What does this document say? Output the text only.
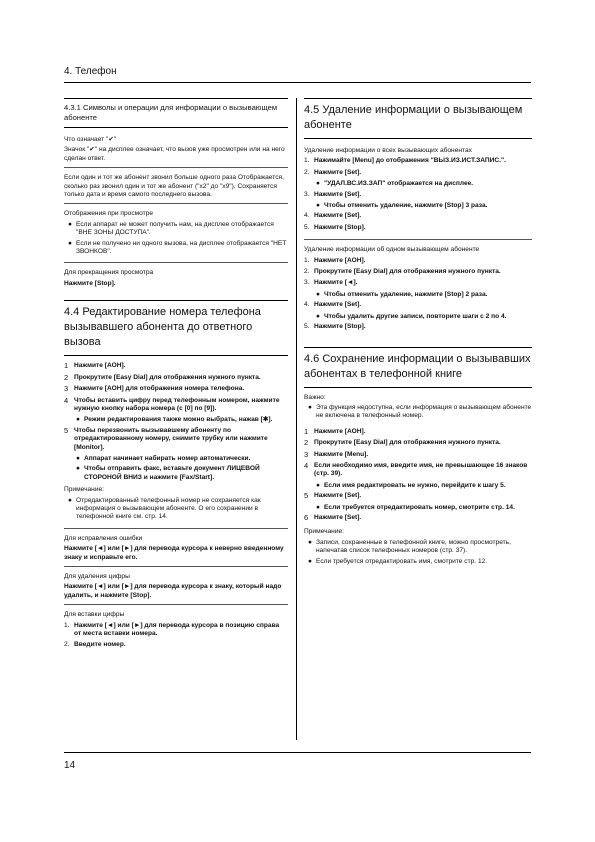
4. Телефон
4.3.1 Символы и операции для информации о вызывающем абоненте
Что означает "✔"
Значок "✔" на дисплее означает, что вызов уже просмотрен или на него сделан ответ.
Если один и тот же абонент звонил больше одного раза Отображается, сколько раз звонил один и тот же абонент ("х2" до "х9"). Сохраняется только дата и время самого последнего вызова.
Отображения при просмотре
● Если аппарат не может получить нам, на дисплее отображается "ВНЕ ЗОНЫ ДОСТУПА".
● Если не получено ни одного вызова, на дисплее отображается "НЕТ ЗВОНКОВ".
Для прекращения просмотра
Нажмите [Stop].
4.4 Редактирование номера телефона вызывавшего абонента до ответного вызова
1 Нажмите [АОН].
2 Прокрутите [Easy Dial] для отображения нужного пункта.
3 Нажмите [АОН] для отображения номера телефона.
4 Чтобы вставить цифру перед телефонным номером, нажмите нужную кнопку набора номера (с [0] по [9]).
● Режим редактирования также можно выбрать, нажав [✱].
5 Чтобы перезвонить вызывавшему абоненту по отредактированному номеру, снимите трубку или нажмите [Monitor].
● Аппарат начинает набирать номер автоматически.
● Чтобы отправить факс, вставьте документ ЛИЦЕВОЙ СТОРОНОЙ ВНИЗ и нажмите [Fax/Start].
Примечание:
● Отредактированный телефонный номер не сохраняется как информация о вызывающем абоненте. О его сохранении в телефонной книге см. стр. 14.
Для исправления ошибки
Нажмите [◄] или [►] для перевода курсора к неверно введенному знаку и исправьте его.
Для удаления цифры
Нажмите [◄] или [►] для перевода курсора к знаку, который надо удалить, и нажмите [Stop].
Для вставки цифры
1. Нажмите [◄] или [►] для перевода курсора в позицию справа от места вставки номера.
2. Введите номер.
4.5 Удаление информации о вызывающем абоненте
Удаление информации о всех вызывающих абонентах
1. Нажимайте [Menu] до отображения "ВЫЗ.ИЗ.ИСТ.ЗАПИС.".
2. Нажмите [Set].
● "УДАЛ.ВС.ИЗ.ЗАП" отображается на дисплее.
3. Нажмите [Set].
● Чтобы отменить удаление, нажмите [Stop] 3 раза.
4. Нажмите [Set].
5. Нажмите [Stop].
Удаление информации об одном вызывающем абоненте
1. Нажмите [АОН].
2. Прокрутите [Easy Dial] для отображения нужного пункта.
3. Нажмите [◄].
● Чтобы отменить удаление, нажмите [Stop] 2 раза.
4. Нажмите [Set].
● Чтобы удалить другие записи, повторите шаги с 2 по 4.
5. Нажмите [Stop].
4.6 Сохранение информации о вызывавших абонентах в телефонной книге
Важно:
● Эта функция недоступна, если информация о вызывающем абоненте не включена в телефонный номер.
1 Нажмите [АОН].
2 Прокрутите [Easy Dial] для отображения нужного пункта.
3 Нажмите [Menu].
4 Если необходимо имя, введите имя, не превышающее 16 знаков (стр. 39).
● Если имя редактировать не нужно, перейдите к шагу 5.
5 Нажмите [Set].
● Если требуется отредактировать номер, смотрите стр. 14.
6 Нажмите [Set].
Примечание:
● Записи, сохраненные в телефонной книге, можно просмотреть, напечатав список телефонных номеров (стр. 37).
● Если требуется отредактировать имя, смотрите стр. 12.
14
